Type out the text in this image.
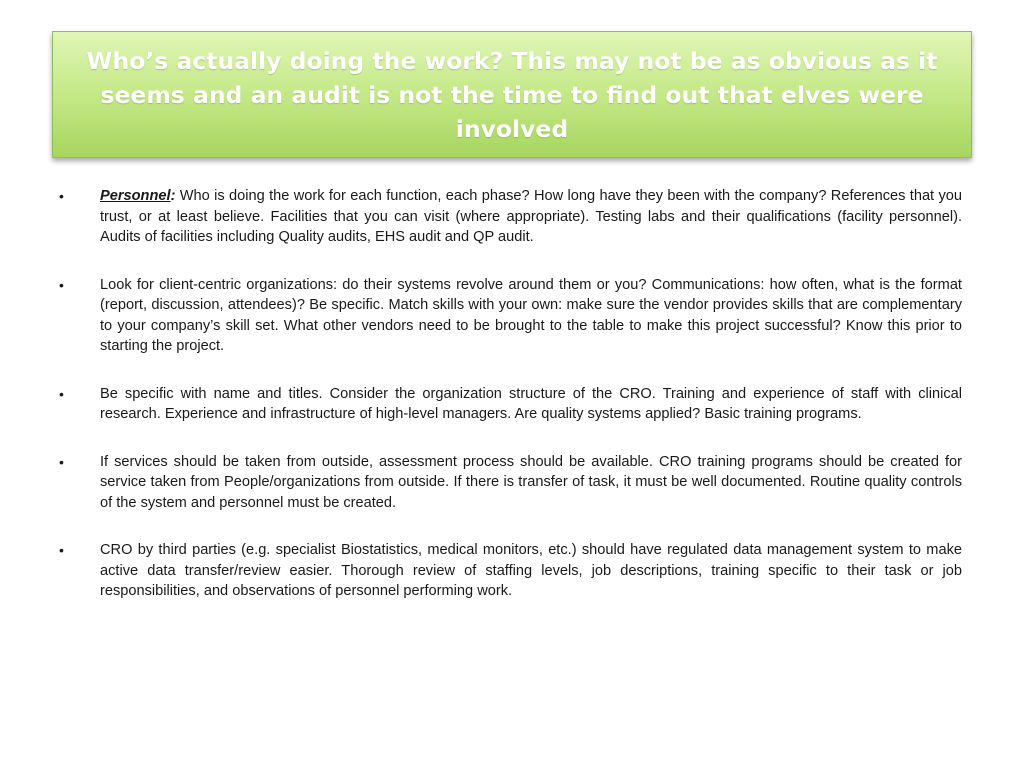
Who’s actually doing the work? This may not be as obvious as it seems and an audit is not the time to find out that elves were involved
• Personnel: Who is doing the work for each function, each phase? How long have they been with the company? References that you trust, or at least believe. Facilities that you can visit (where appropriate). Testing labs and their qualifications (facility personnel). Audits of facilities including Quality audits, EHS audit and QP audit.
• Look for client-centric organizations: do their systems revolve around them or you? Communications: how often, what is the format (report, discussion, attendees)? Be specific. Match skills with your own: make sure the vendor provides skills that are complementary to your company’s skill set. What other vendors need to be brought to the table to make this project successful? Know this prior to starting the project.
• Be specific with name and titles. Consider the organization structure of the CRO. Training and experience of staff with clinical research. Experience and infrastructure of high-level managers. Are quality systems applied? Basic training programs.
• If services should be taken from outside, assessment process should be available. CRO training programs should be created for service taken from People/organizations from outside. If there is transfer of task, it must be well documented. Routine quality controls of the system and personnel must be created.
• CRO by third parties (e.g. specialist Biostatistics, medical monitors, etc.) should have regulated data management system to make active data transfer/review easier. Thorough review of staffing levels, job descriptions, training specific to their task or job responsibilities, and observations of personnel performing work.
